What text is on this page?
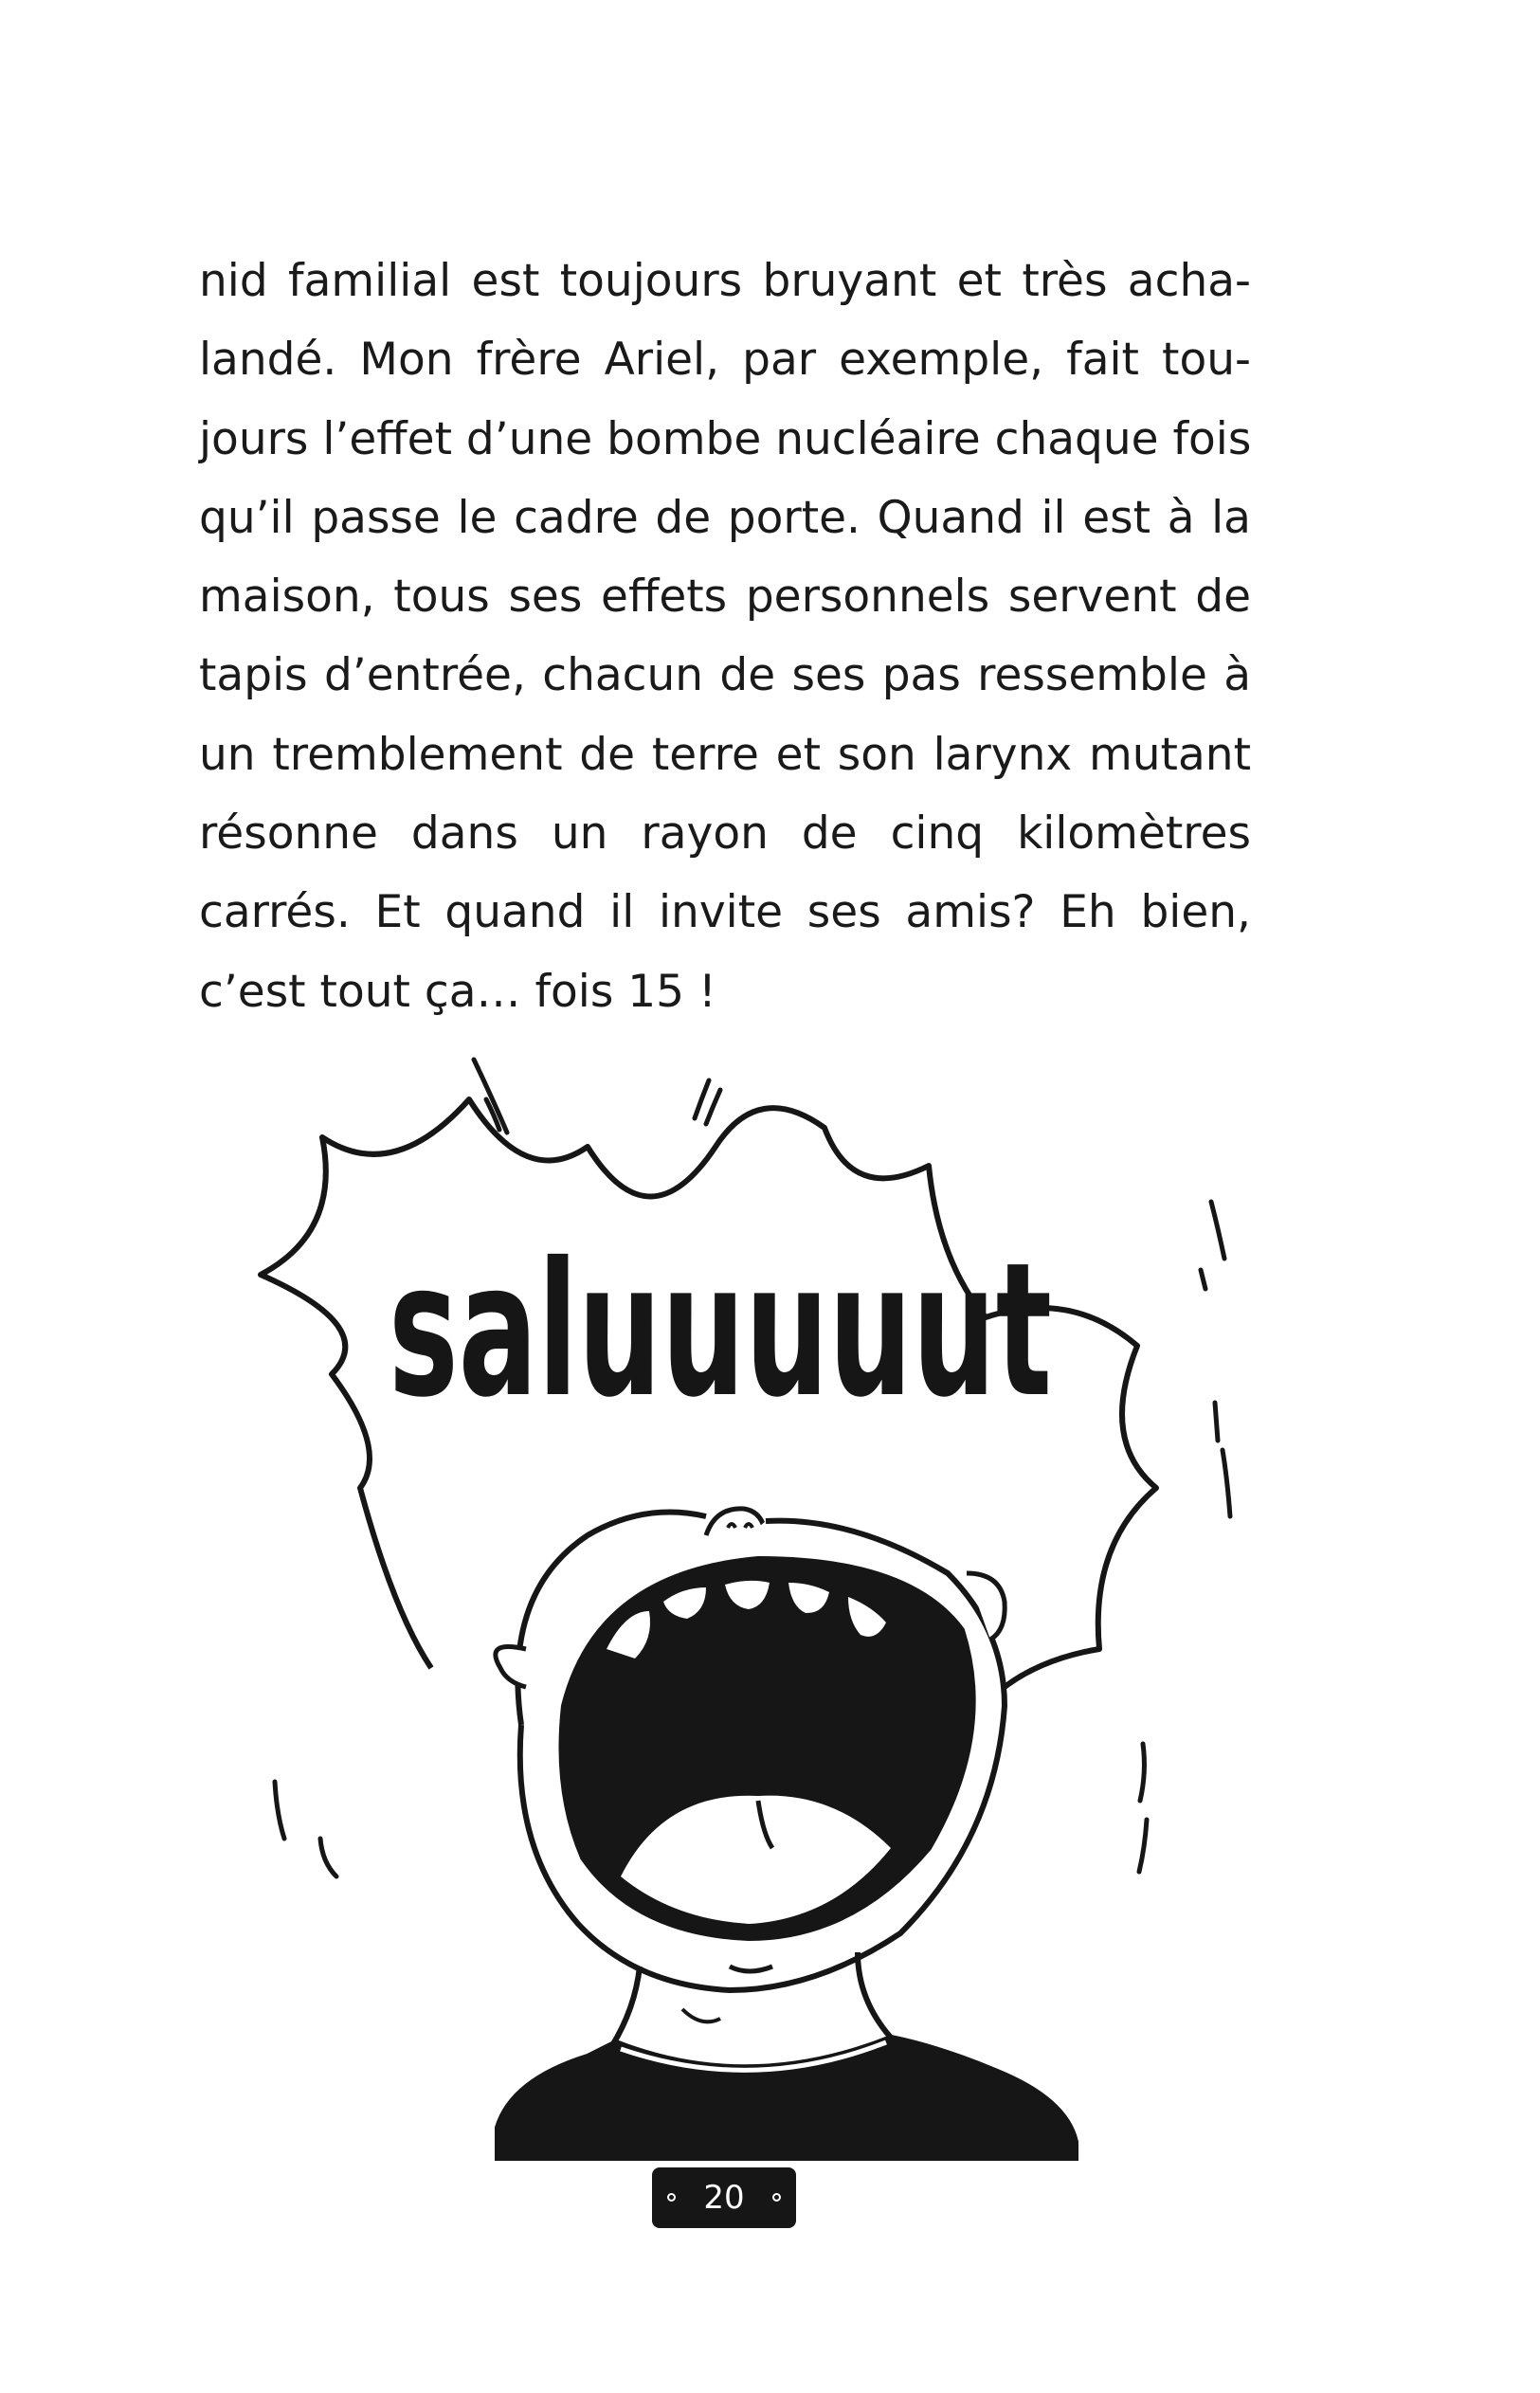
nid familial est toujours bruyant et très acha-
landé. Mon frère Ariel, par exemple, fait tou-
jours l’effet d’une bombe nucléaire chaque fois
qu’il passe le cadre de porte. Quand il est à la
maison, tous ses effets personnels servent de
tapis d’entrée, chacun de ses pas ressemble à
un tremblement de terre et son larynx mutant
résonne dans un rayon de cinq kilomètres
carrés. Et quand il invite ses amis? Eh bien,
c’est tout ça… fois 15 !
saluuuuut
20
